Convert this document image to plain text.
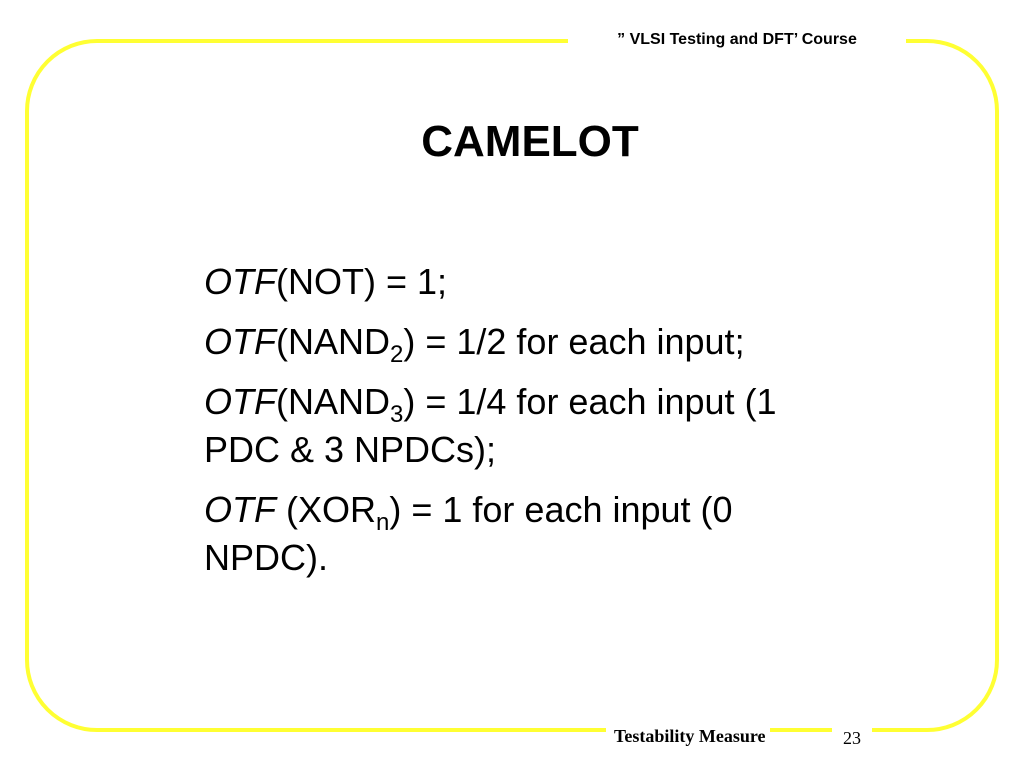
” VLSI Testing and DFT’ Course
CAMELOT
OTF(NOT) = 1;
$OTF(NAND_2) = 1/2$ for each input;
$OTF(NAND_3) = 1/4$ for each input (1 PDC & 3 NPDCs);
OTF $(XOR_n) = 1$ for each input (0 NPDC).
Testability Measure	23
